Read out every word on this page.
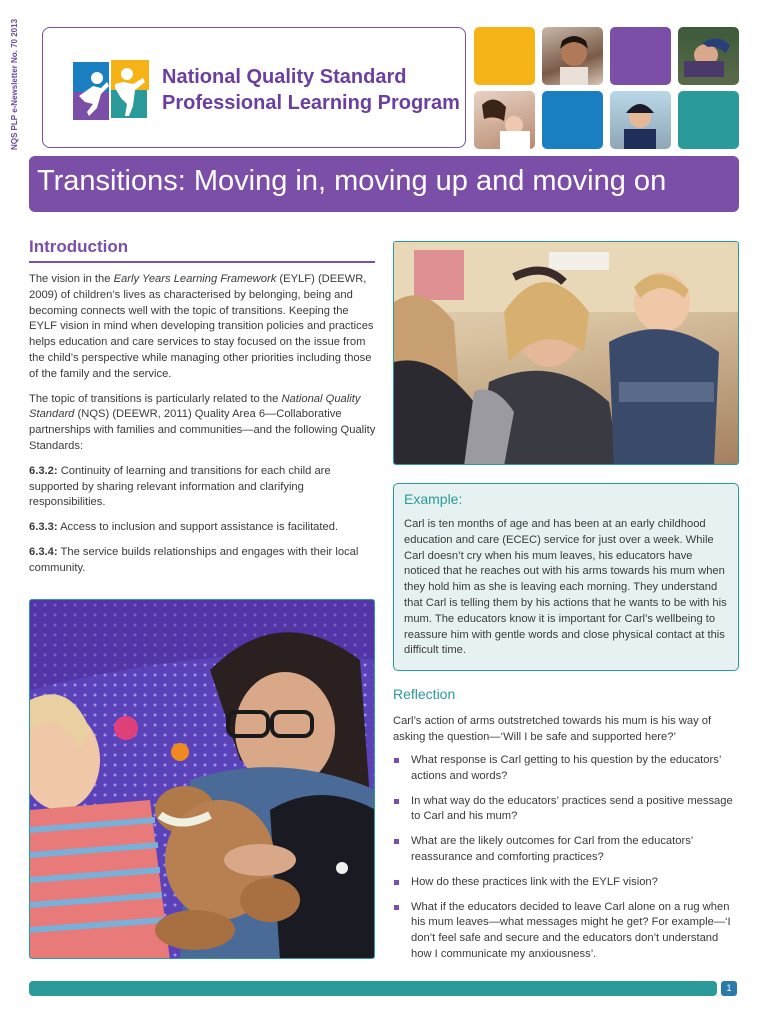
NQS PLP e-Newsletter No. 70 2013	National Quality Standard
Professional Learning Program
Transitions: Moving in, moving up and moving on
Introduction

The vision in the Early Years Learning Framework (EYLF) (DEEWR, 2009) of children’s lives as characterised by belonging, being and becoming connects well with the topic of transitions. Keeping the EYLF vision in mind when developing transition policies and practices helps education and care services to stay focused on the issue from the child’s perspective while managing other priorities including those of the family and the service.

The topic of transitions is particularly related to the National Quality Standard (NQS) (DEEWR, 2011) Quality Area 6—Collaborative partnerships with families and communities—and the following Quality Standards:

6.3.2: Continuity of learning and transitions for each child are supported by sharing relevant information and clarifying responsibilities.

6.3.3: Access to inclusion and support assistance is facilitated.

6.3.4: The service builds relationships and engages with their local community.

Example:
Carl is ten months of age and has been at an early childhood education and care (ECEC) service for just over a week. While Carl doesn’t cry when his mum leaves, his educators have noticed that he reaches out with his arms towards his mum when they hold him as she is leaving each morning. They understand that Carl is telling them by his actions that he wants to be with his mum. The educators know it is important for Carl’s wellbeing to reassure him with gentle words and close physical contact at this difficult time.
Reflection
Carl’s action of arms outstretched towards his mum is his way of asking the question—‘Will I be safe and supported here?’
What response is Carl getting to his question by the educators’ actions and words?
In what way do the educators’ practices send a positive message to Carl and his mum?
What are the likely outcomes for Carl from the educators’ reassurance and comforting practices?
How do these practices link with the EYLF vision?
What if the educators decided to leave Carl alone on a rug when his mum leaves—what messages might he get? For example—‘I don’t feel safe and secure and the educators don’t understand how I communicate my anxiousness’.
1
